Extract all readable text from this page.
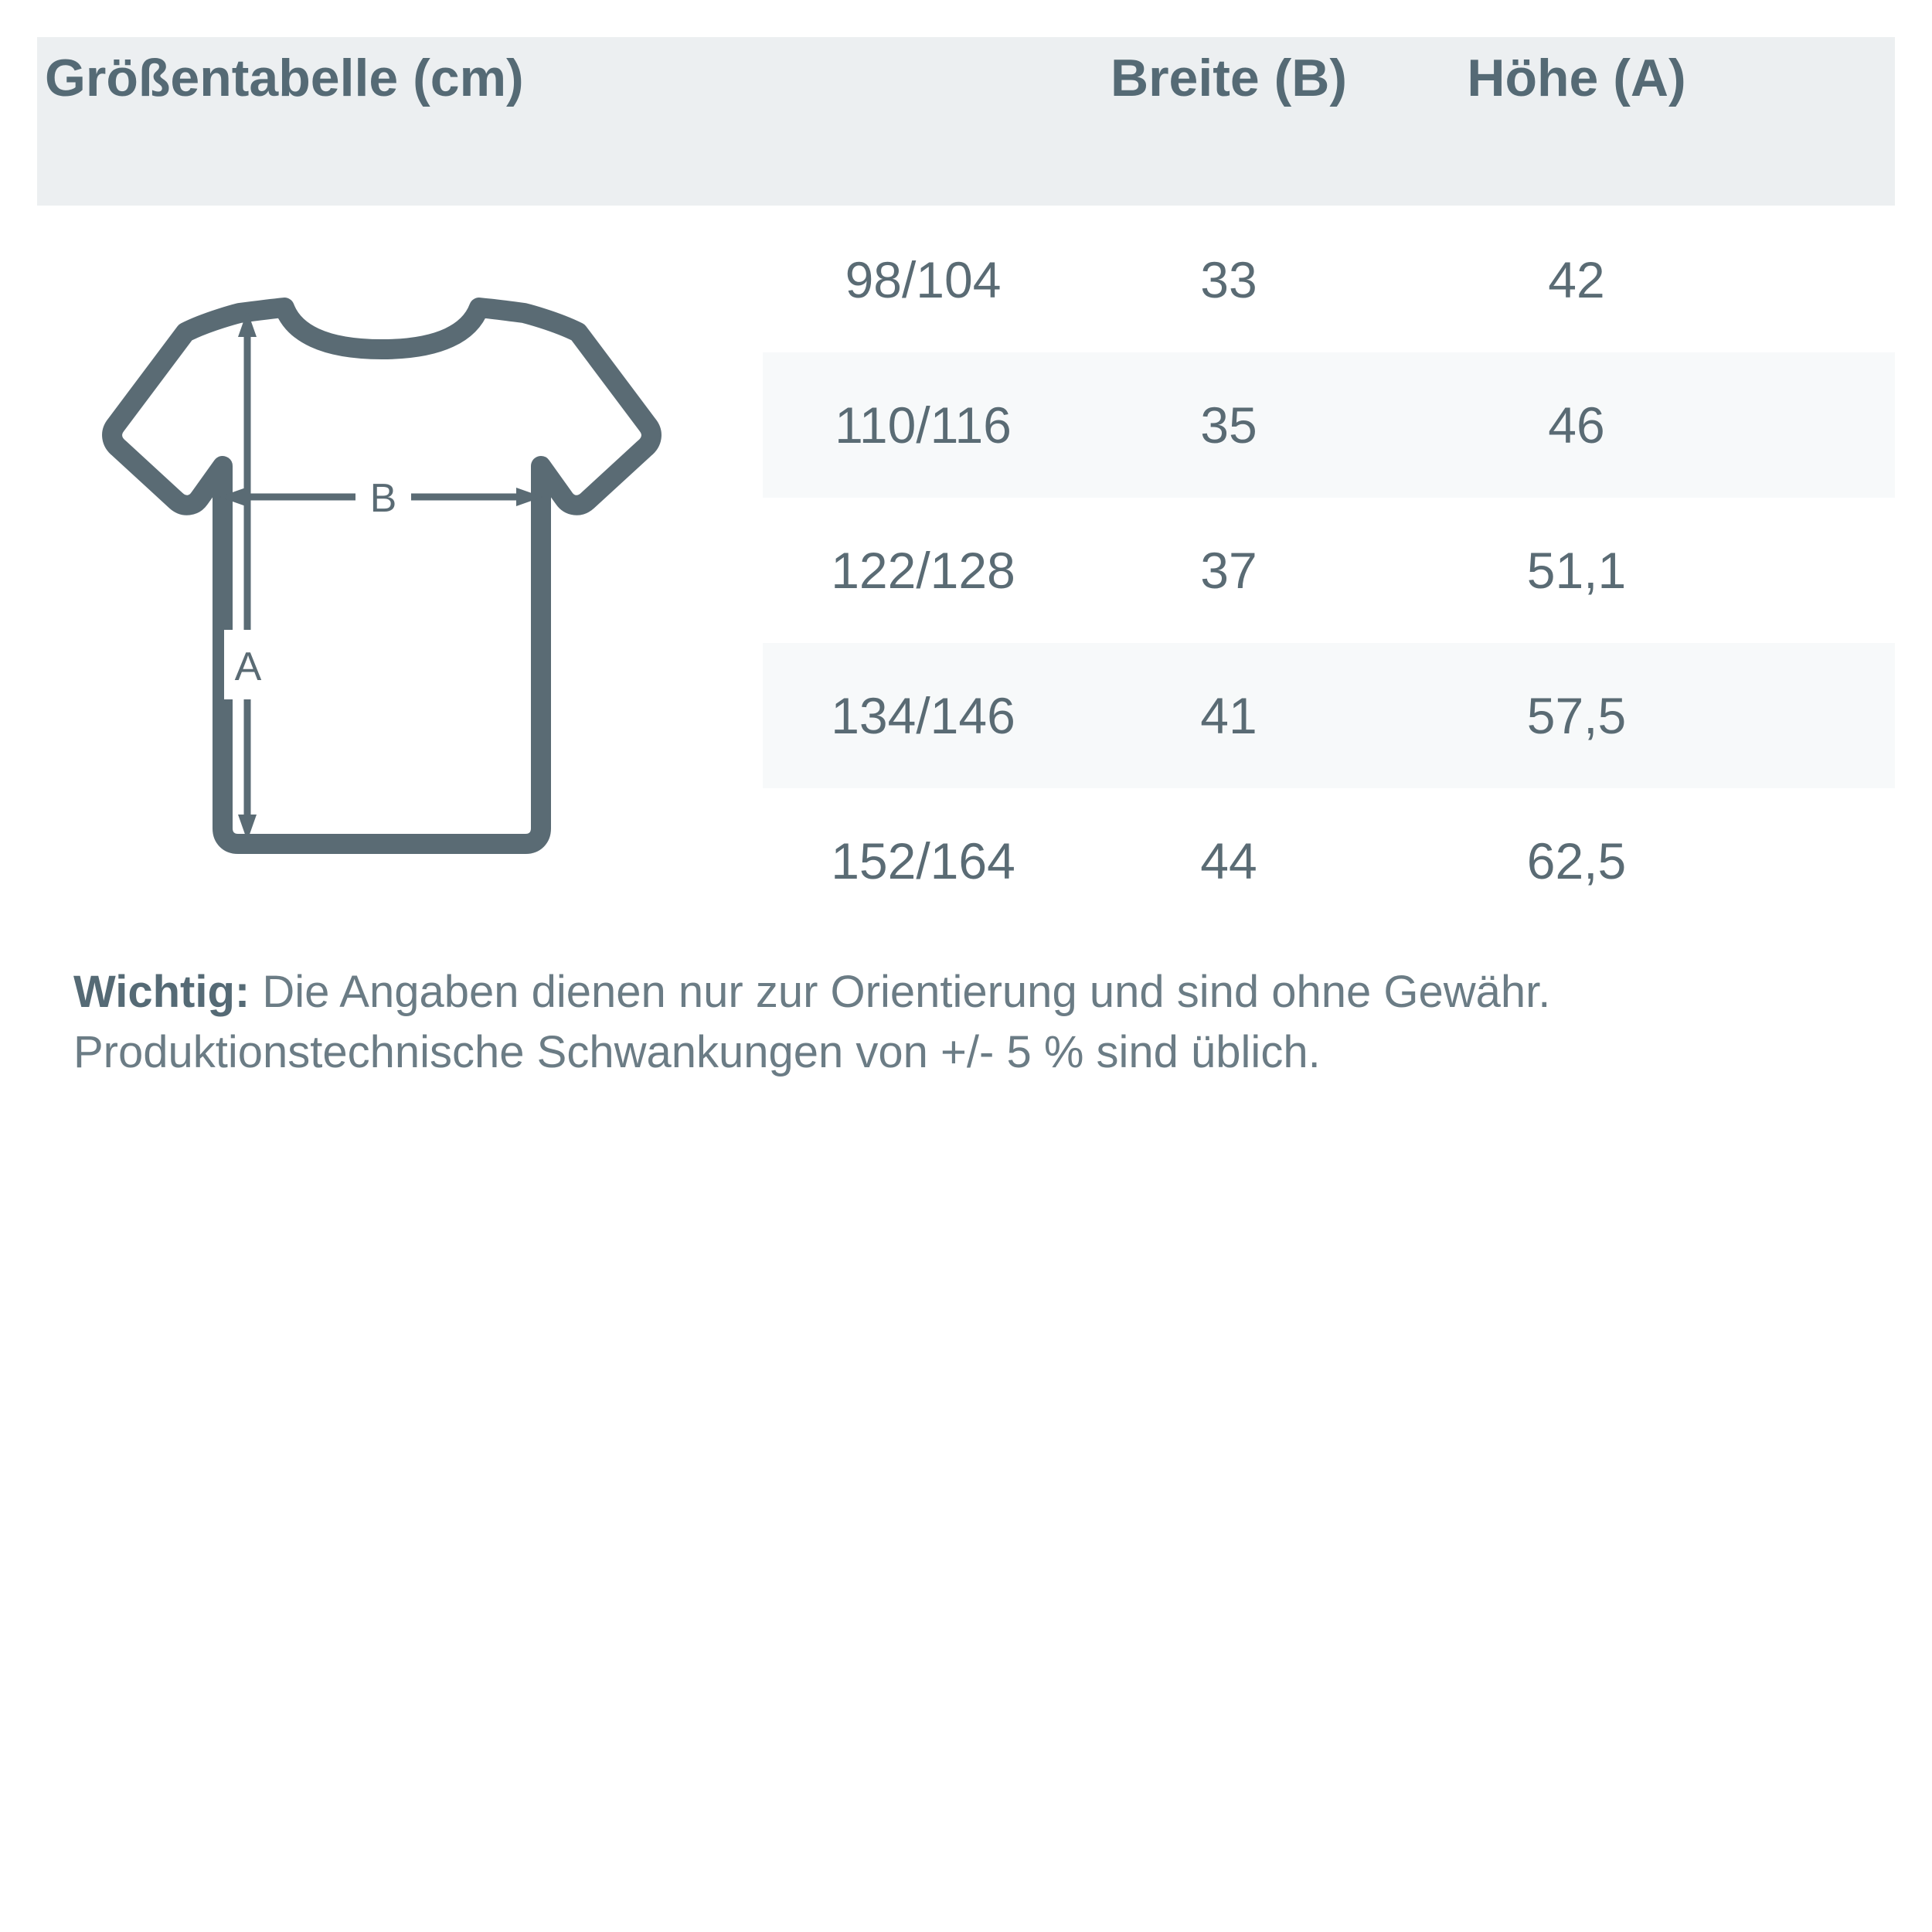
Größentabelle (cm)	Breite (B)	Höhe (A)
A
B
98/104	33	42
110/116	35	46
122/128	37	51,1
134/146	41	57,5
152/164	44	62,5
Wichtig: Die Angaben dienen nur zur Orientierung und sind ohne Gewähr. Produktionstechnische Schwankungen von +/- 5 % sind üblich.
